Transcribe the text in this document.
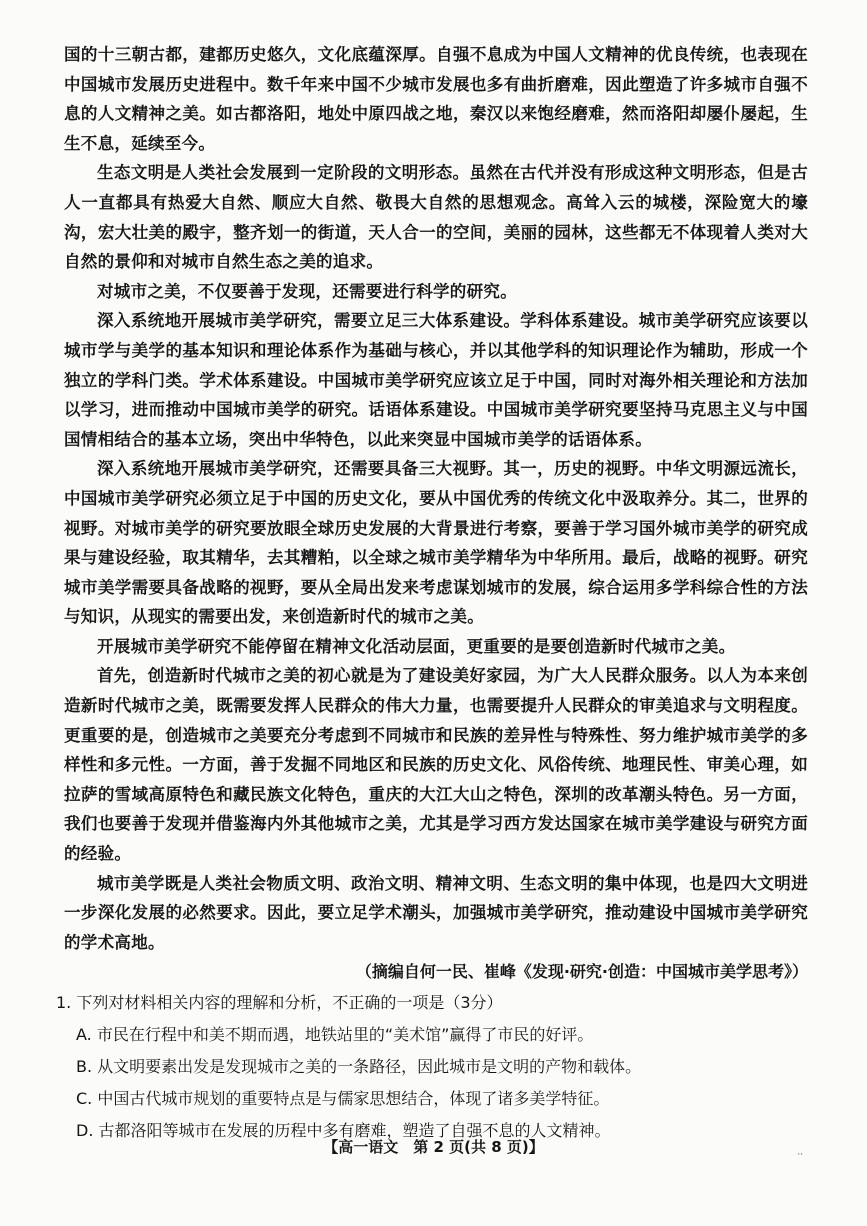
国的十三朝古都，建都历史悠久，文化底蕴深厚。自强不息成为中国人文精神的优良传统，也表现在中国城市发展历史进程中。数千年来中国不少城市发展也多有曲折磨难，因此塑造了许多城市自强不息的人文精神之美。如古都洛阳，地处中原四战之地，秦汉以来饱经磨难，然而洛阳却屡仆屡起，生生不息，延续至今。

生态文明是人类社会发展到一定阶段的文明形态。虽然在古代并没有形成这种文明形态，但是古人一直都具有热爱大自然、顺应大自然、敬畏大自然的思想观念。高耸入云的城楼，深险宽大的壕沟，宏大壮美的殿宇，整齐划一的街道，天人合一的空间，美丽的园林，这些都无不体现着人类对大自然的景仰和对城市自然生态之美的追求。

对城市之美，不仅要善于发现，还需要进行科学的研究。

深入系统地开展城市美学研究，需要立足三大体系建设。学科体系建设。城市美学研究应该要以城市学与美学的基本知识和理论体系作为基础与核心，并以其他学科的知识理论作为辅助，形成一个独立的学科门类。学术体系建设。中国城市美学研究应该立足于中国，同时对海外相关理论和方法加以学习，进而推动中国城市美学的研究。话语体系建设。中国城市美学研究要坚持马克思主义与中国国情相结合的基本立场，突出中华特色，以此来突显中国城市美学的话语体系。

深入系统地开展城市美学研究，还需要具备三大视野。其一，历史的视野。中华文明源远流长，中国城市美学研究必须立足于中国的历史文化，要从中国优秀的传统文化中汲取养分。其二，世界的视野。对城市美学的研究要放眼全球历史发展的大背景进行考察，要善于学习国外城市美学的研究成果与建设经验，取其精华，去其糟粕，以全球之城市美学精华为中华所用。最后，战略的视野。研究城市美学需要具备战略的视野，要从全局出发来考虑谋划城市的发展，综合运用多学科综合性的方法与知识，从现实的需要出发，来创造新时代的城市之美。

开展城市美学研究不能停留在精神文化活动层面，更重要的是要创造新时代城市之美。

首先，创造新时代城市之美的初心就是为了建设美好家园，为广大人民群众服务。以人为本来创造新时代城市之美，既需要发挥人民群众的伟大力量，也需要提升人民群众的审美追求与文明程度。更重要的是，创造城市之美要充分考虑到不同城市和民族的差异性与特殊性、努力维护城市美学的多样性和多元性。一方面，善于发掘不同地区和民族的历史文化、风俗传统、地理民性、审美心理，如拉萨的雪域高原特色和藏民族文化特色，重庆的大江大山之特色，深圳的改革潮头特色。另一方面，我们也要善于发现并借鉴海内外其他城市之美，尤其是学习西方发达国家在城市美学建设与研究方面的经验。

城市美学既是人类社会物质文明、政治文明、精神文明、生态文明的集中体现，也是四大文明进一步深化发展的必然要求。因此，要立足学术潮头，加强城市美学研究，推动建设中国城市美学研究的学术高地。

（摘编自何一民、崔峰《发现·研究·创造：中国城市美学思考》）

1. 下列对材料相关内容的理解和分析，不正确的一项是（3分）

A. 市民在行程中和美不期而遇，地铁站里的“美术馆”赢得了市民的好评。

B. 从文明要素出发是发现城市之美的一条路径，因此城市是文明的产物和载体。

C. 中国古代城市规划的重要特点是与儒家思想结合，体现了诸多美学特征。

D. 古都洛阳等城市在发展的历程中多有磨难，塑造了自强不息的人文精神。

【高一语文　第 2 页(共 8 页)】	··
